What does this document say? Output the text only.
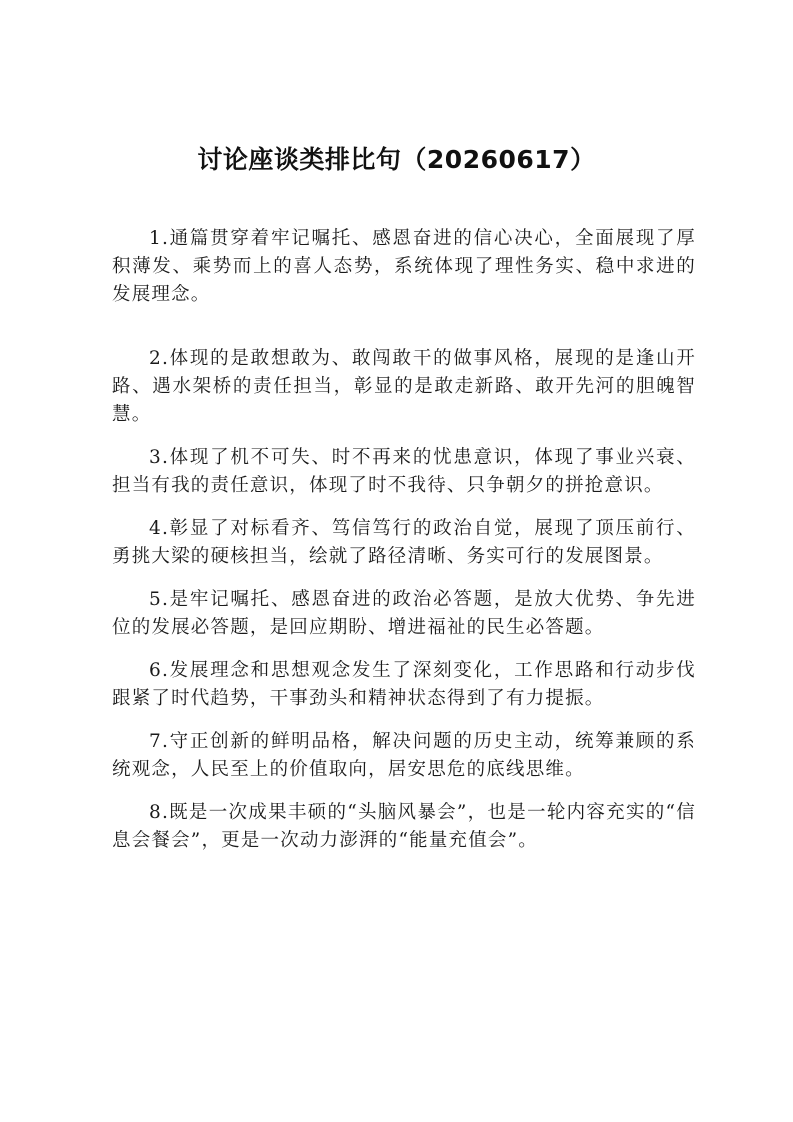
讨论座谈类排比句（20260617）

1.通篇贯穿着牢记嘱托、感恩奋进的信心决心，全面展现了厚积薄发、乘势而上的喜人态势，系统体现了理性务实、稳中求进的发展理念。

2.体现的是敢想敢为、敢闯敢干的做事风格，展现的是逢山开路、遇水架桥的责任担当，彰显的是敢走新路、敢开先河的胆魄智慧。

3.体现了机不可失、时不再来的忧患意识，体现了事业兴衰、担当有我的责任意识，体现了时不我待、只争朝夕的拼抢意识。

4.彰显了对标看齐、笃信笃行的政治自觉，展现了顶压前行、勇挑大梁的硬核担当，绘就了路径清晰、务实可行的发展图景。

5.是牢记嘱托、感恩奋进的政治必答题，是放大优势、争先进位的发展必答题，是回应期盼、增进福祉的民生必答题。

6.发展理念和思想观念发生了深刻变化，工作思路和行动步伐跟紧了时代趋势，干事劲头和精神状态得到了有力提振。

7.守正创新的鲜明品格，解决问题的历史主动，统筹兼顾的系统观念，人民至上的价值取向，居安思危的底线思维。

8.既是一次成果丰硕的“头脑风暴会”，也是一轮内容充实的“信息会餐会”，更是一次动力澎湃的“能量充值会”。
